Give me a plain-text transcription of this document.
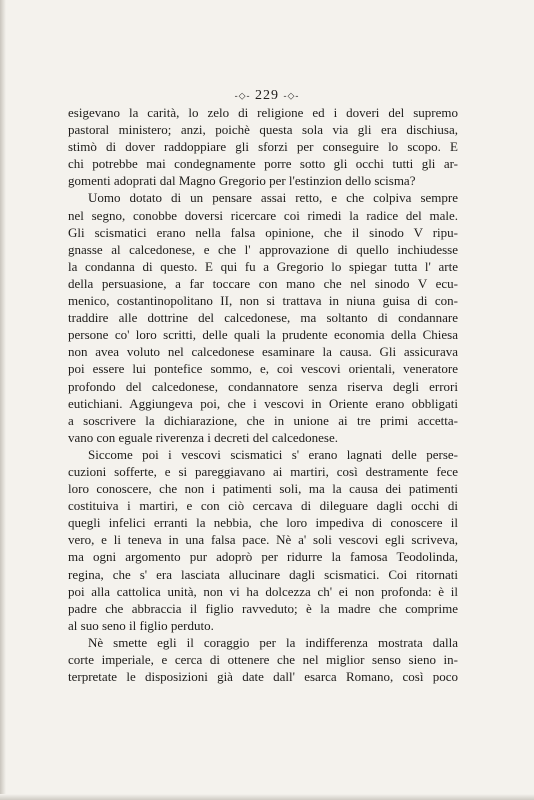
-◇- 229 -◇-
esigevano la carità, lo zelo di religione ed i doveri del supremo
pastoral ministero; anzi, poichè questa sola via gli era dischiusa,
stimò di dover raddoppiare gli sforzi per conseguire lo scopo. E
chi potrebbe mai condegnamente porre sotto gli occhi tutti gli ar-
gomenti adoprati dal Magno Gregorio per l'estinzion dello scisma?
Uomo dotato di un pensare assai retto, e che colpiva sempre
nel segno, conobbe doversi ricercare coi rimedi la radice del male.
Gli scismatici erano nella falsa opinione, che il sinodo V ripu-
gnasse al calcedonese, e che l' approvazione di quello inchiudesse
la condanna di questo. E qui fu a Gregorio lo spiegar tutta l' arte
della persuasione, a far toccare con mano che nel sinodo V ecu-
menico, costantinopolitano II, non si trattava in niuna guisa di con-
traddire alle dottrine del calcedonese, ma soltanto di condannare
persone co' loro scritti, delle quali la prudente economia della Chiesa
non avea voluto nel calcedonese esaminare la causa. Gli assicurava
poi essere lui pontefice sommo, e, coi vescovi orientali, veneratore
profondo del calcedonese, condannatore senza riserva degli errori
eutichiani. Aggiungeva poi, che i vescovi in Oriente erano obbligati
a soscrivere la dichiarazione, che in unione ai tre primi accetta-
vano con eguale riverenza i decreti del calcedonese.
Siccome poi i vescovi scismatici s' erano lagnati delle perse-
cuzioni sofferte, e si pareggiavano ai martiri, così destramente fece
loro conoscere, che non i patimenti soli, ma la causa dei patimenti
costituiva i martiri, e con ciò cercava di dileguare dagli occhi di
quegli infelici erranti la nebbia, che loro impediva di conoscere il
vero, e li teneva in una falsa pace. Nè a' soli vescovi egli scriveva,
ma ogni argomento pur adoprò per ridurre la famosa Teodolinda,
regina, che s' era lasciata allucinare dagli scismatici. Coi ritornati
poi alla cattolica unità, non vi ha dolcezza ch' ei non profonda: è il
padre che abbraccia il figlio ravveduto; è la madre che comprime
al suo seno il figlio perduto.
Nè smette egli il coraggio per la indifferenza mostrata dalla
corte imperiale, e cerca di ottenere che nel miglior senso sieno in-
terpretate le disposizioni già date dall' esarca Romano, così poco
